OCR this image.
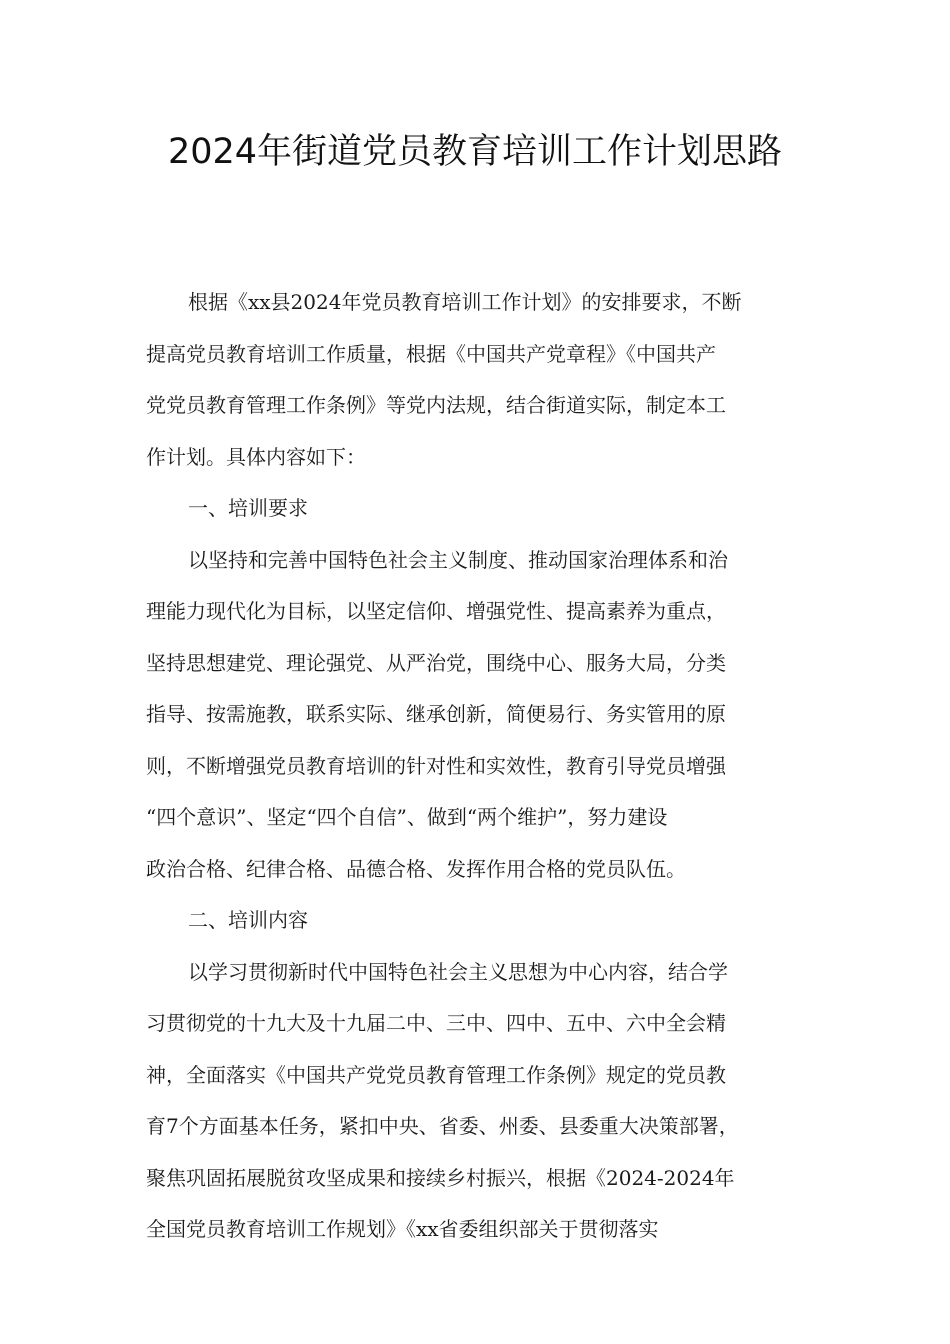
2024年街道党员教育培训工作计划思路
根据《xx县2024年党员教育培训工作计划》的安排要求，不断
提高党员教育培训工作质量，根据《中国共产党章程》《中国共产
党党员教育管理工作条例》等党内法规，结合街道实际，制定本工
作计划。具体内容如下：
一、培训要求
以坚持和完善中国特色社会主义制度、推动国家治理体系和治
理能力现代化为目标，以坚定信仰、增强党性、提高素养为重点，
坚持思想建党、理论强党、从严治党，围绕中心、服务大局，分类
指导、按需施教，联系实际、继承创新，简便易行、务实管用的原
则，不断增强党员教育培训的针对性和实效性，教育引导党员增强
“四个意识”、坚定“四个自信”、做到“两个维护”，努力建设
政治合格、纪律合格、品德合格、发挥作用合格的党员队伍。
二、培训内容
以学习贯彻新时代中国特色社会主义思想为中心内容，结合学
习贯彻党的十九大及十九届二中、三中、四中、五中、六中全会精
神，全面落实《中国共产党党员教育管理工作条例》规定的党员教
育7个方面基本任务，紧扣中央、省委、州委、县委重大决策部署，
聚焦巩固拓展脱贫攻坚成果和接续乡村振兴，根据《2024-2024年
全国党员教育培训工作规划》《xx省委组织部关于贯彻落实
